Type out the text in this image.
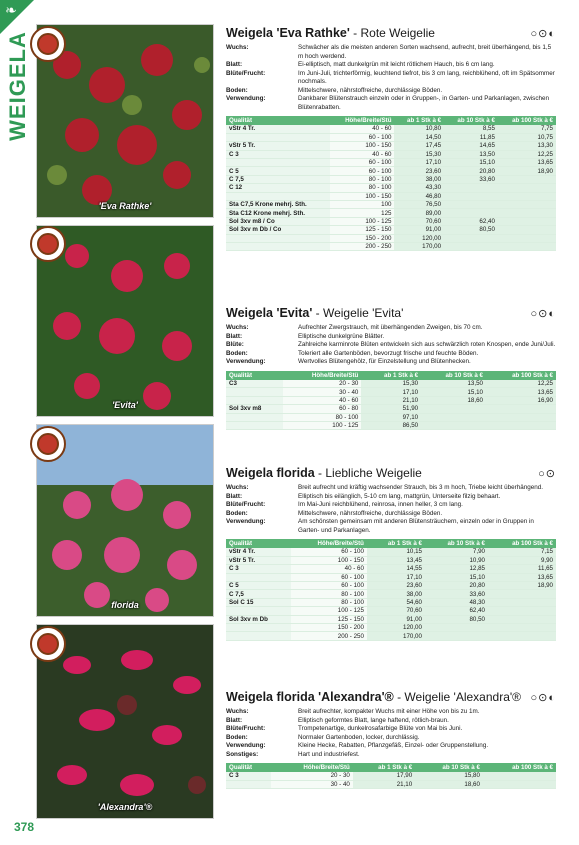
❧
WEIGELA
'Eva Rathke'
'Evita'
florida
'Alexandra'®
Weigela 'Eva Rathke' - Rote Weigelie	○⊙◐
Wuchs:	Schwächer als die meisten anderen Sorten wachsend, aufrecht, breit überhängend, bis 1,5 m hoch werdend.
Blatt:	Ei-elliptisch, matt dunkelgrün mit leicht rötlichem Hauch, bis 6 cm lang.
Blüte/Frucht:	Im Juni-Juli, trichterförmig, leuchtend tiefrot, bis 3 cm lang, reichblühend, oft im Spätsommer nochmals.
Boden:	Mittelschwere, nährstoffreiche, durchlässige Böden.
Verwendung:	Dankbarer Blütenstrauch einzeln oder in Gruppen-, in Garten- und Parkanlagen, zwischen Blütenrabatten.
Qualität	Höhe/Breite/Stü	ab 1 Stk à €	ab 10 Stk à €	ab 100 Stk à €
vStr 4 Tr.	40 - 60	10,80	8,55	7,75
	60 - 100	14,50	11,85	10,75
vStr 5 Tr.	100 - 150	17,45	14,65	13,30
C 3	40 - 60	15,30	13,50	12,25
	60 - 100	17,10	15,10	13,65
C 5	60 - 100	23,60	20,80	18,90
C 7,5	80 - 100	38,00	33,60	
C 12	80 - 100	43,30		
	100 - 150	46,80		
Sta C7,5 Krone mehrj. Sth.	100	76,50		
Sta C12 Krone mehrj. Sth.	125	89,00		
Sol 3xv m8 / Co	100 - 125	70,60	62,40	
Sol 3xv m Db / Co	125 - 150	91,00	80,50	
	150 - 200	120,00		
	200 - 250	170,00		
Weigela 'Evita' - Weigelie 'Evita'	○⊙◐
Wuchs:	Aufrechter Zwergstrauch, mit überhängenden Zweigen, bis 70 cm.
Blatt:	Elliptische dunkelgrüne Blätter.
Blüte:	Zahlreiche karminrote Blüten entwickeln sich aus schwärzlich roten Knospen, ende Juni/Juli.
Boden:	Toleriert alle Gartenböden, bevorzugt frische und feuchte Böden.
Verwendung:	Wertvolles Blütengehölz, für Einzelstellung und Blütenhecken.
Qualität	Höhe/Breite/Stü	ab 1 Stk à €	ab 10 Stk à €	ab 100 Stk à €
C3	20 - 30	15,30	13,50	12,25
	30 - 40	17,10	15,10	13,65
	40 - 60	21,10	18,60	16,90
Sol 3xv m8	60 - 80	51,90		
	80 - 100	97,10		
	100 - 125	86,50		
Weigela florida - Liebliche Weigelie	○⊙
Wuchs:	Breit aufrecht und kräftig wachsender Strauch, bis 3 m hoch, Triebe leicht überhängend.
Blatt:	Elliptisch bis eilänglich, 5-10 cm lang, mattgrün, Unterseite filzig behaart.
Blüte/Frucht:	Im Mai-Juni reichblühend, reinrosa, innen heller, 3 cm lang.
Boden:	Mittelschwere, nährstoffreiche, durchlässige Böden.
Verwendung:	Am schönsten gemeinsam mit anderen Blütensträuchern, einzeln oder in Gruppen in Garten- und Parkanlagen.
Qualität	Höhe/Breite/Stü	ab 1 Stk à €	ab 10 Stk à €	ab 100 Stk à €
vStr 4 Tr.	60 - 100	10,15	7,90	7,15
vStr 5 Tr.	100 - 150	13,45	10,90	9,90
C 3	40 - 60	14,55	12,85	11,65
	60 - 100	17,10	15,10	13,65
C 5	60 - 100	23,60	20,80	18,90
C 7,5	80 - 100	38,00	33,60	
Sol C 15	80 - 100	54,60	48,30	
	100 - 125	70,60	62,40	
Sol 3xv m Db	125 - 150	91,00	80,50	
	150 - 200	120,00		
	200 - 250	170,00		
Weigela florida 'Alexandra'® - Weigelie 'Alexandra'® ○⊙◐
Wuchs:	Breit aufrechter, kompakter Wuchs mit einer Höhe von bis zu 1m.
Blatt:	Elliptisch geformtes Blatt, lange haftend, rötlich-braun.
Blüte/Frucht:	Trompetenartige, dunkelrosafarbige Blüte von Mai bis Juni.
Boden:	Normaler Gartenboden, locker, durchlässig.
Verwendung:	Kleine Hecke, Rabatten, Pflanzgefäß, Einzel- oder Gruppenstellung.
Sonstiges:	Hart und industriefest.
Qualität	Höhe/Breite/Stü	ab 1 Stk à €	ab 10 Stk à €	ab 100 Stk à €
C 3	20 - 30	17,90	15,80	
	30 - 40	21,10	18,60	
378
